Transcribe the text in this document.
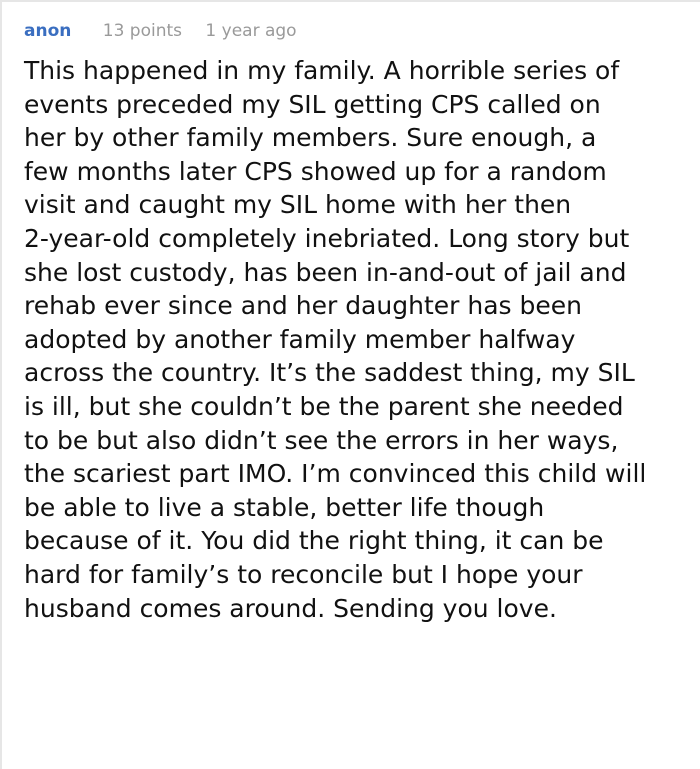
anon 13 points 1 year ago
This happened in my family. A horrible series of
events preceded my SIL getting CPS called on
her by other family members. Sure enough, a
few months later CPS showed up for a random
visit and caught my SIL home with her then
2-year-old completely inebriated. Long story but
she lost custody, has been in-and-out of jail and
rehab ever since and her daughter has been
adopted by another family member halfway
across the country. It’s the saddest thing, my SIL
is ill, but she couldn’t be the parent she needed
to be but also didn’t see the errors in her ways,
the scariest part IMO. I’m convinced this child will
be able to live a stable, better life though
because of it. You did the right thing, it can be
hard for family’s to reconcile but I hope your
husband comes around. Sending you love.
